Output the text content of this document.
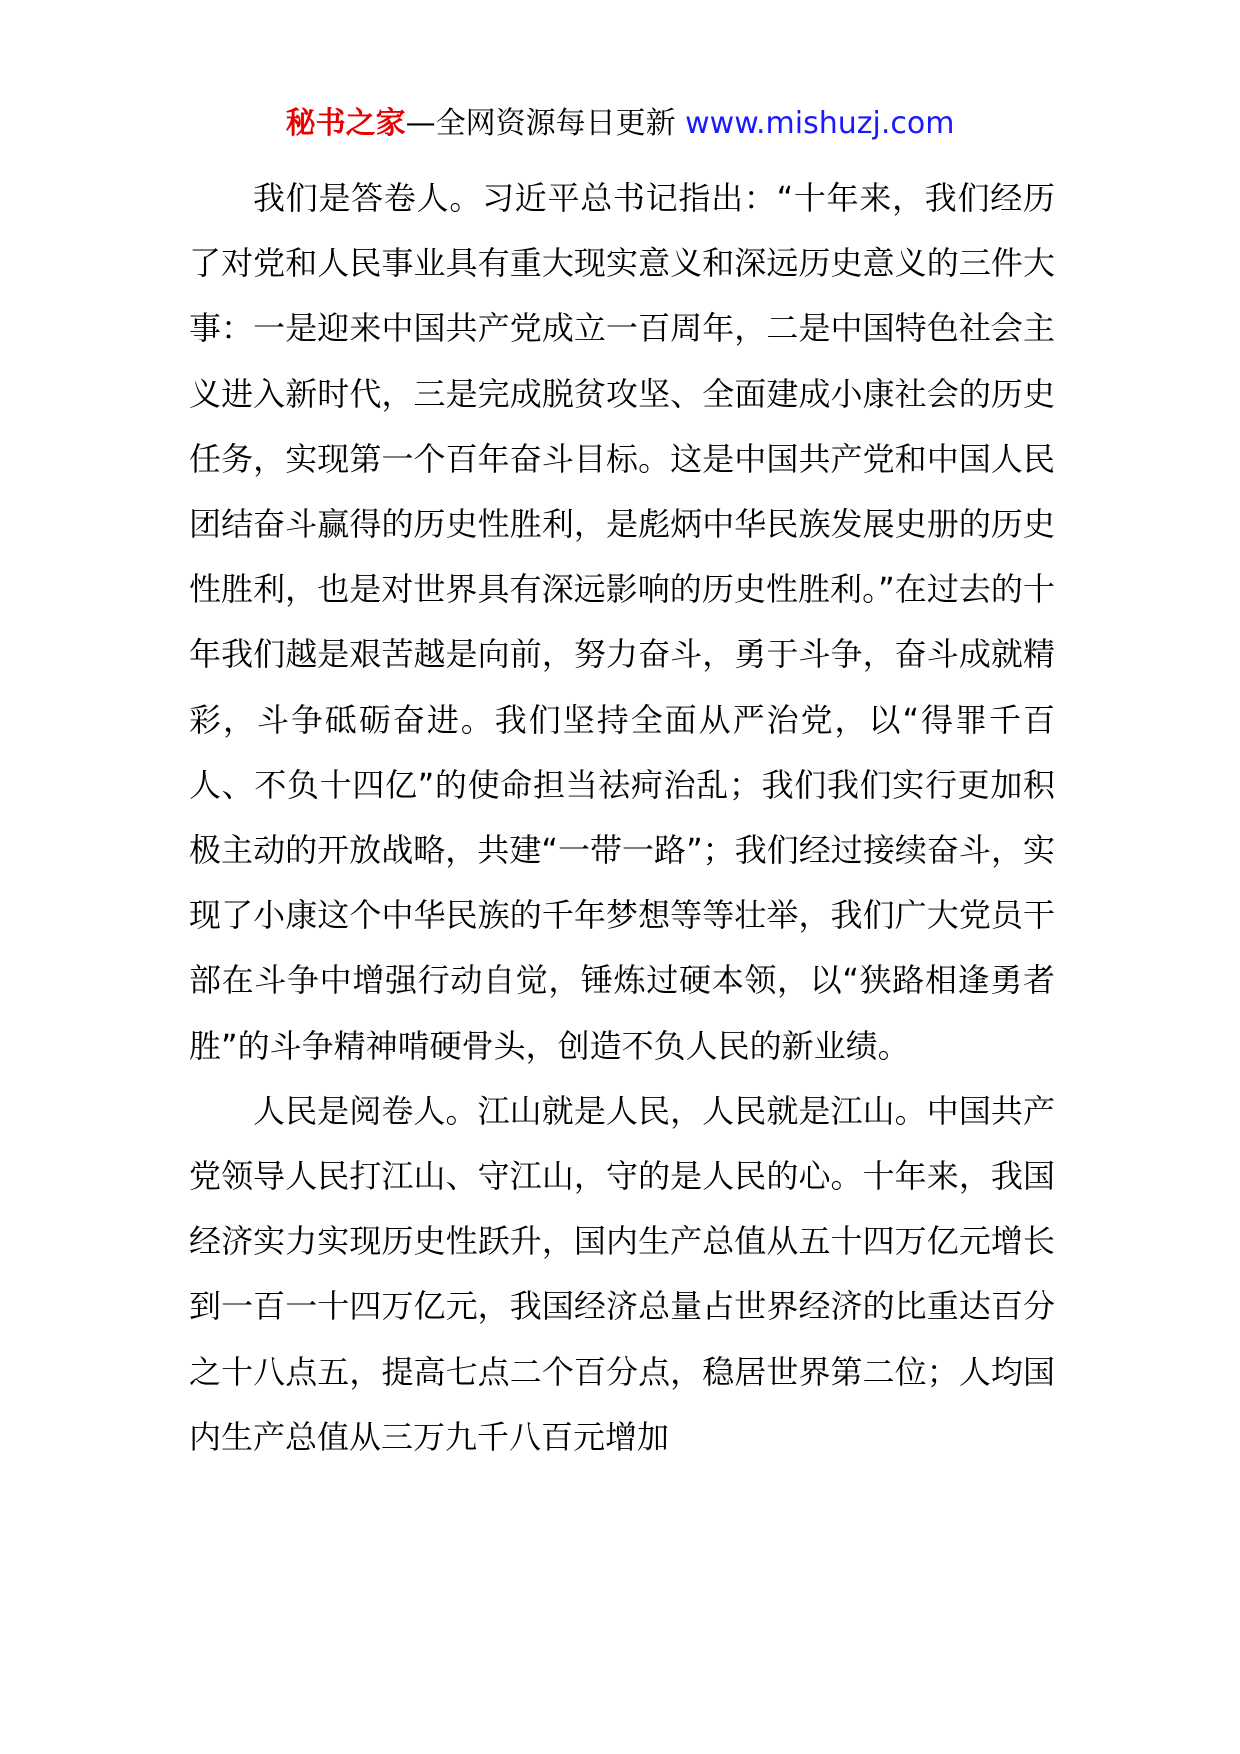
秘书之家—全网资源每日更新 www.mishuzj.com

我们是答卷人。习近平总书记指出：“十年来，我们经历了对党和人民事业具有重大现实意义和深远历史意义的三件大事：一是迎来中国共产党成立一百周年，二是中国特色社会主义进入新时代，三是完成脱贫攻坚、全面建成小康社会的历史任务，实现第一个百年奋斗目标。这是中国共产党和中国人民团结奋斗赢得的历史性胜利，是彪炳中华民族发展史册的历史性胜利，也是对世界具有深远影响的历史性胜利。”在过去的十年我们越是艰苦越是向前，努力奋斗，勇于斗争，奋斗成就精彩，斗争砥砺奋进。我们坚持全面从严治党，以“得罪千百人、不负十四亿”的使命担当祛疴治乱；我们我们实行更加积极主动的开放战略，共建“一带一路”；我们经过接续奋斗，实现了小康这个中华民族的千年梦想等等壮举，我们广大党员干部在斗争中增强行动自觉，锤炼过硬本领，以“狭路相逢勇者胜”的斗争精神啃硬骨头，创造不负人民的新业绩。

人民是阅卷人。江山就是人民，人民就是江山。中国共产党领导人民打江山、守江山，守的是人民的心。十年来，我国经济实力实现历史性跃升，国内生产总值从五十四万亿元增长到一百一十四万亿元，我国经济总量占世界经济的比重达百分之十八点五，提高七点二个百分点，稳居世界第二位；人均国内生产总值从三万九千八百元增加
